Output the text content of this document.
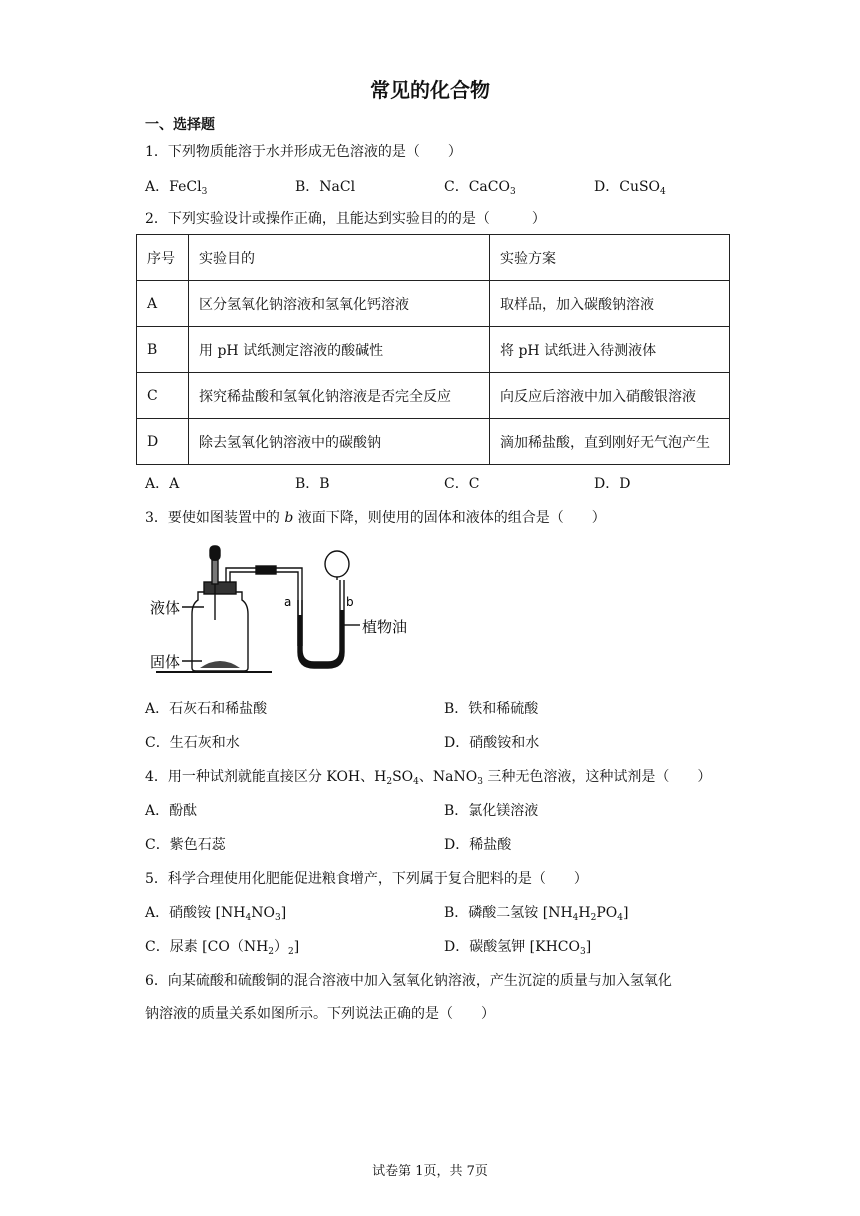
常见的化合物
一、选择题
1．下列物质能溶于水并形成无色溶液的是（　　）
A．FeCl$_3$	B．NaCl	C．CaCO$_3$	D．CuSO$_4$
2．下列实验设计或操作正确，且能达到实验目的的是（　　　）
序号	实验目的	实验方案
A	区分氢氧化钠溶液和氢氧化钙溶液	取样品，加入碳酸钠溶液
B	用 pH 试纸测定溶液的酸碱性	将 pH 试纸进入待测液体
C	探究稀盐酸和氢氧化钠溶液是否完全反应	向反应后溶液中加入硝酸银溶液
D	除去氢氧化钠溶液中的碳酸钠	滴加稀盐酸，直到刚好无气泡产生
A．A	B．B	C．C	D．D
3．要使如图装置中的 b 液面下降，则使用的固体和液体的组合是（　　）
液体
固体
a	b
植物油
A．石灰石和稀盐酸	B．铁和稀硫酸
C．生石灰和水	D．硝酸铵和水
4．用一种试剂就能直接区分 KOH、$H_2SO_4$、NaNO$_3$ 三种无色溶液，这种试剂是（　　）
A．酚酞	B．氯化镁溶液
C．紫色石蕊	D．稀盐酸
5．科学合理使用化肥能促进粮食增产，下列属于复合肥料的是（　　）
A．硝酸铵 $[NH_4NO_3]$	B．磷酸二氢铵 $[NH_4H_2PO_4]$
C．尿素 $[CO(NH_2)_2]$	D．碳酸氢钾 $[KHCO_3]$
6．向某硫酸和硫酸铜的混合溶液中加入氢氧化钠溶液，产生沉淀的质量与加入氢氧化
钠溶液的质量关系如图所示。下列说法正确的是（　　）
试卷第 1页，共 7页
